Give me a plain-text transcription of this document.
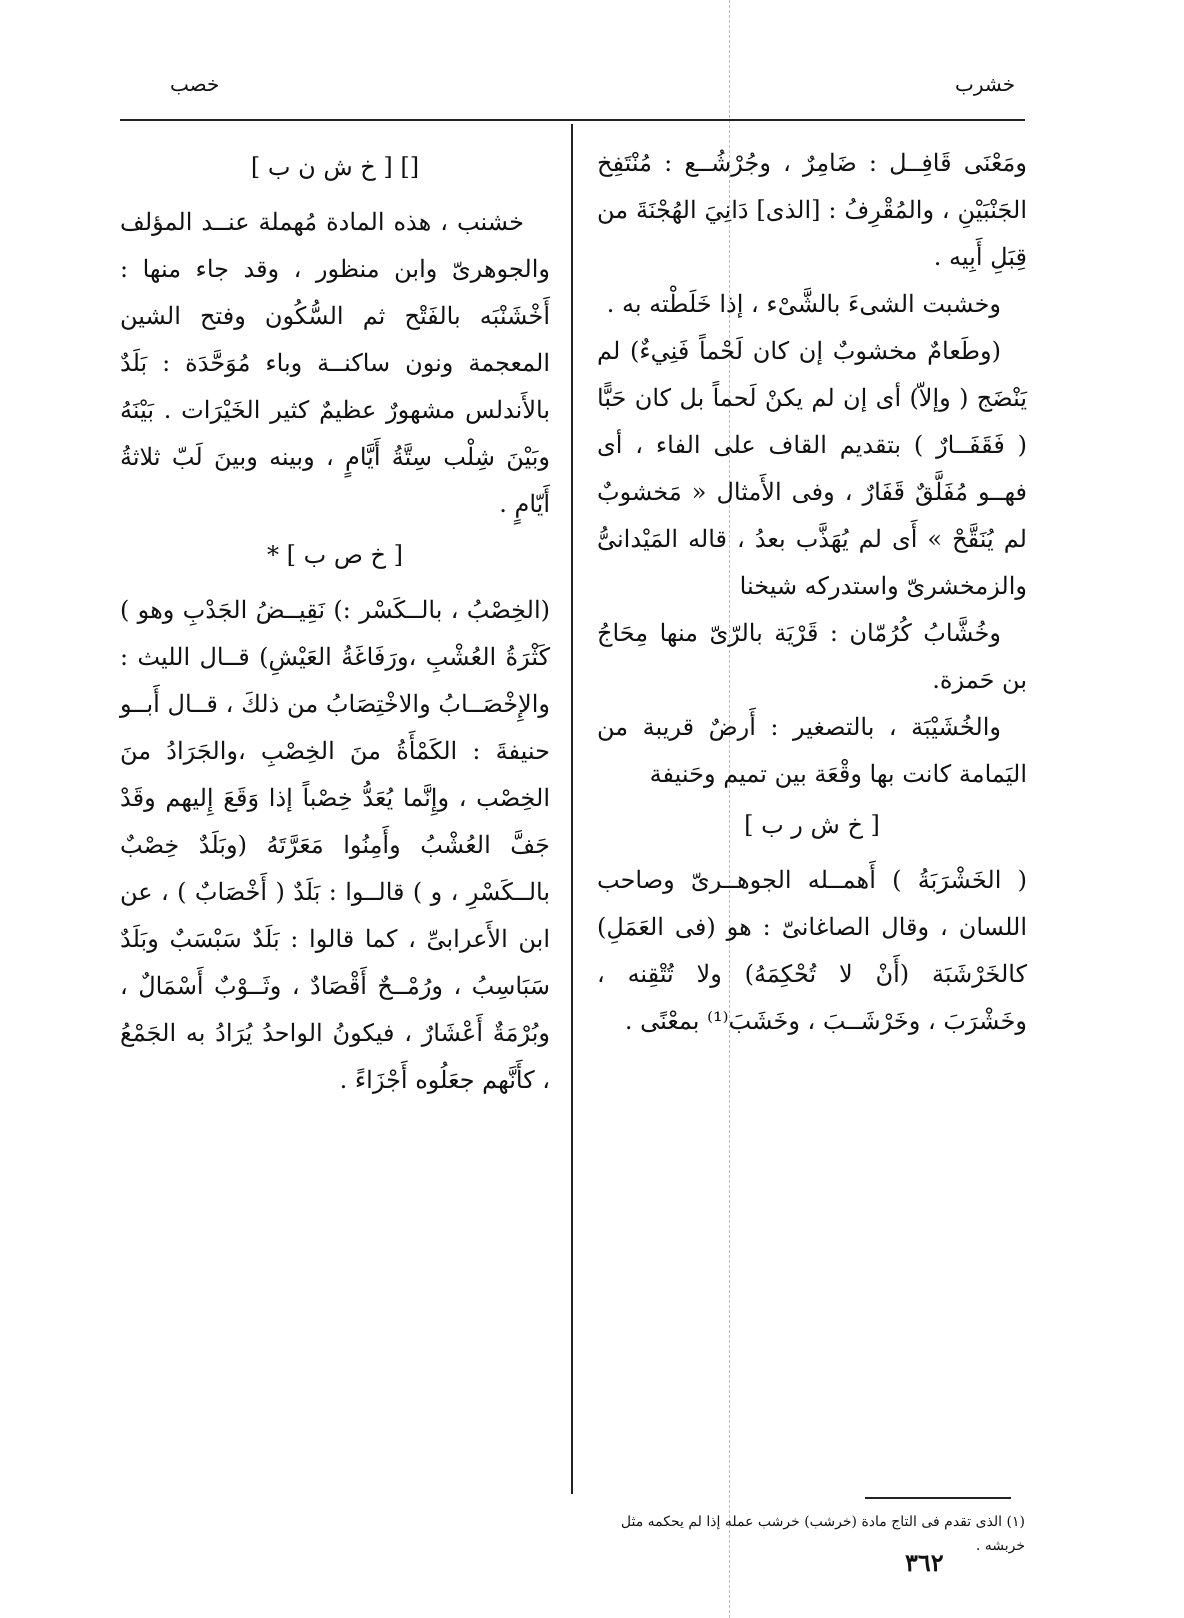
خشرب
خصب

ومَعْنَى قَافِــل : ضَامِرٌ ، وجُرْشُــع : مُنْتَفِخ الجَنْبَيْنِ ، والمُقْرِفُ : [الذى] دَانِيَ الهُجْنَةَ من قِبَلِ أَبِيه .

وخشبت الشىءَ بالشَّىْء ، إذا خَلَطْته به .

(وطَعامٌ مخشوبٌ إن كان لَحْماً فَنِيءٌ) لم يَنْضَج ( وإلاّ) أى إن لم يكنْ لَحماً بل كان حَبًّا ( فَقَفَــارٌ ) بتقديم القاف على الفاء ، أى فهــو مُفَلَّقٌ قَفَارٌ ، وفى الأَمثال « مَخشوبٌ لم يُنَقَّحْ » أَى لم يُهَذَّب بعدُ ، قاله المَيْدانىُّ والزمخشرىّ واستدركه شيخنا

وخُشَّابُ كُرُمّان : قَرْيَة بالرّىّ منها مِحَاجُ بن حَمزة.

والخُشَيْبَة ، بالتصغير : أَرضٌ قريبة من اليَمامة كانت بها وقْعَة بين تميم وحَنيفة

[ خ ش ر ب ]

( الخَشْرَبَةُ ) أَهمــله الجوهــرىّ وصاحب اللسان ، وقال الصاغانىّ : هو (فى العَمَلِ) كالخَرْشَبَة (أَنْ لا تُحْكِمَهُ) ولا تُتْقِنه ، وخَشْرَبَ ، وخَرْشَــبَ ، وخَشَبَ⁽¹⁾ بمعْنًى .

[] [ خ ش ن ب ]

خشنب ، هذه المادة مُهملة عنــد المؤلف والجوهرىّ وابن منظور ، وقد جاء منها : أَخْشَنْبَه بالفَتْح ثم السُّكُون وفتح الشين المعجمة ونون ساكنــة وباء مُوَحَّدَة : بَلَدٌ بالأَندلس مشهورٌ عظيمٌ كثير الخَيْرَات . بَيْنَهُ وبَيْنَ شِلْب سِتَّةُ أَيَّامٍ ، وبينه وبينَ لَبّ ثلاثةُ أَيّامٍ .

[ خ ص ب ] *

(الخِصْبُ ، بالــكَسْر :) نَقِيــضُ الجَدْبِ وهو ) كَثْرَةُ العُشْبِ ،ورَفَاغَةُ العَيْشِ) قــال الليث : والإِخْصَــابُ والاخْتِصَابُ من ذلكَ ، قــال أَبــو حنيفةَ : الكَمْأَةُ منَ الخِصْبِ ،والجَرَادُ منَ الخِصْب ، وإِنَّما يُعَدُّ خِصْباً إذا وَقَعَ إِليهم وقَدْ جَفَّ العُشْبُ وأَمِنُوا مَعَرَّتَهُ (وبَلَدٌ خِصْبٌ بالــكَسْرِ ، و ) قالــوا : بَلَدٌ ( أَخْصَابٌ ) ، عن ابن الأَعرابىِّ ، كما قالوا : بَلَدٌ سَبْسَبٌ وبَلَدٌ سَبَاسِبُ ، ورُمْــحٌ أَقْصَادٌ ، وثَــوْبٌ أَسْمَالٌ ، وبُرْمَةٌ أَعْشَارٌ ، فيكونُ الواحدُ يُرَادُ به الجَمْعُ ، كأَنَّهم جعَلُوه أَجْزَاءً .

(١) الذى تقدم فى التاج مادة (خرشب) خرشب عمله إذا لم يحكمه مثل خربشه .
٣٦٢
